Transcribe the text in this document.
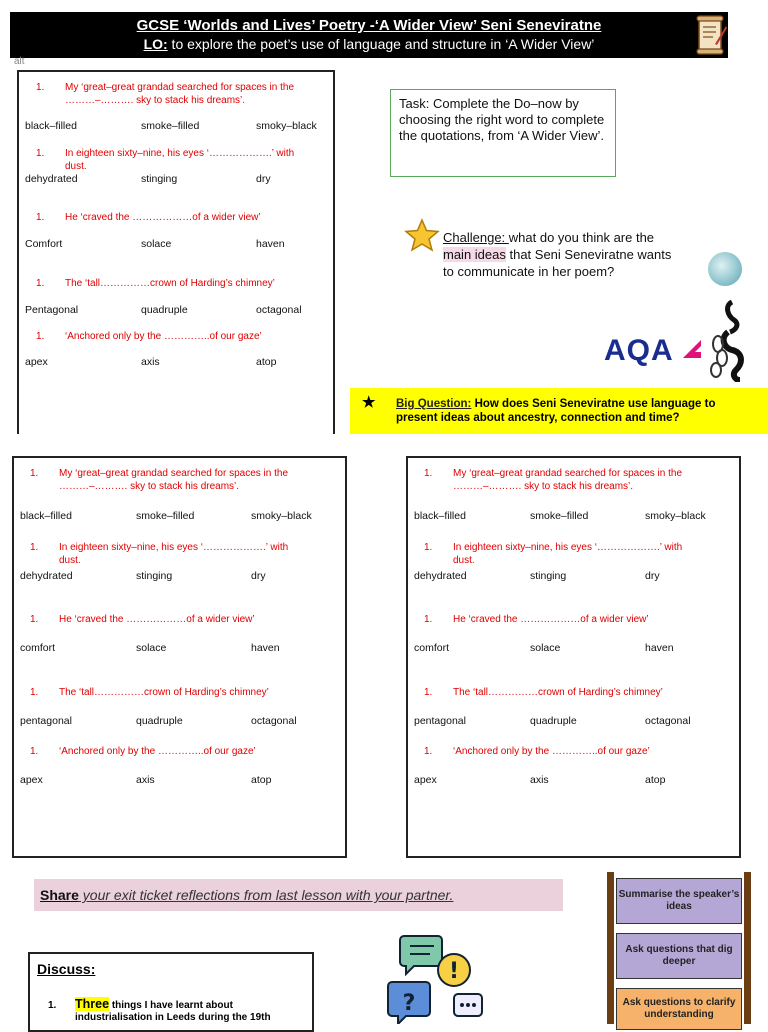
GCSE ‘Worlds and Lives’ Poetry -‘A Wider View’ Seni Seneviratne
LO: to explore the poet’s use of language and structure in ‘A Wider View’
alt
1. My ‘great–great grandad searched for spaces in the ………–………. sky to stack his dreams’.
black–filled	smoke–filled	smoky–black
1. In eighteen sixty–nine, his eyes ‘……………….’ with dust.
dehydrated	stinging	dry
1. He ‘craved the ………………of a wider view’
Comfort	solace	haven
1. The ‘tall……………crown of Harding’s chimney’
Pentagonal	quadruple	octagonal
1. ‘Anchored only by the …………..of our gaze’
apex	axis	atop
1. My ‘great–great grandad searched for spaces in the ………–………. sky to stack his dreams’.
black–filled	smoke–filled	smoky–black
1. In eighteen sixty–nine, his eyes ‘……………….’ with dust.
dehydrated	stinging	dry
1. He ‘craved the ………………of a wider view’
comfort	solace	haven
1. The ‘tall……………crown of Harding’s chimney’
pentagonal	quadruple	octagonal
1. ‘Anchored only by the …………..of our gaze’
apex	axis	atop
1. My ‘great–great grandad searched for spaces in the ………–………. sky to stack his dreams’.
black–filled	smoke–filled	smoky–black
1. In eighteen sixty–nine, his eyes ‘……………….’ with dust.
dehydrated	stinging	dry
1. He ‘craved the ………………of a wider view’
comfort	solace	haven
1. The ‘tall……………crown of Harding’s chimney’
pentagonal	quadruple	octagonal
1. ‘Anchored only by the …………..of our gaze’
apex	axis	atop
Task: Complete the Do–now by choosing the right word to complete the quotations, from ‘A Wider View’.
Challenge: what do you think are the main ideas that Seni Seneviratne wants to communicate in her poem?
AQA
★ Big Question: How does Seni Seneviratne use language to present ideas about ancestry, connection and time?
Share your exit ticket reflections from last lesson with your partner.
Discuss:
1. Three things I have learnt about industrialisation in Leeds during the 19th
!
?
Summarise the speaker’s ideas
Ask questions that dig deeper
Ask questions to clarify understanding
